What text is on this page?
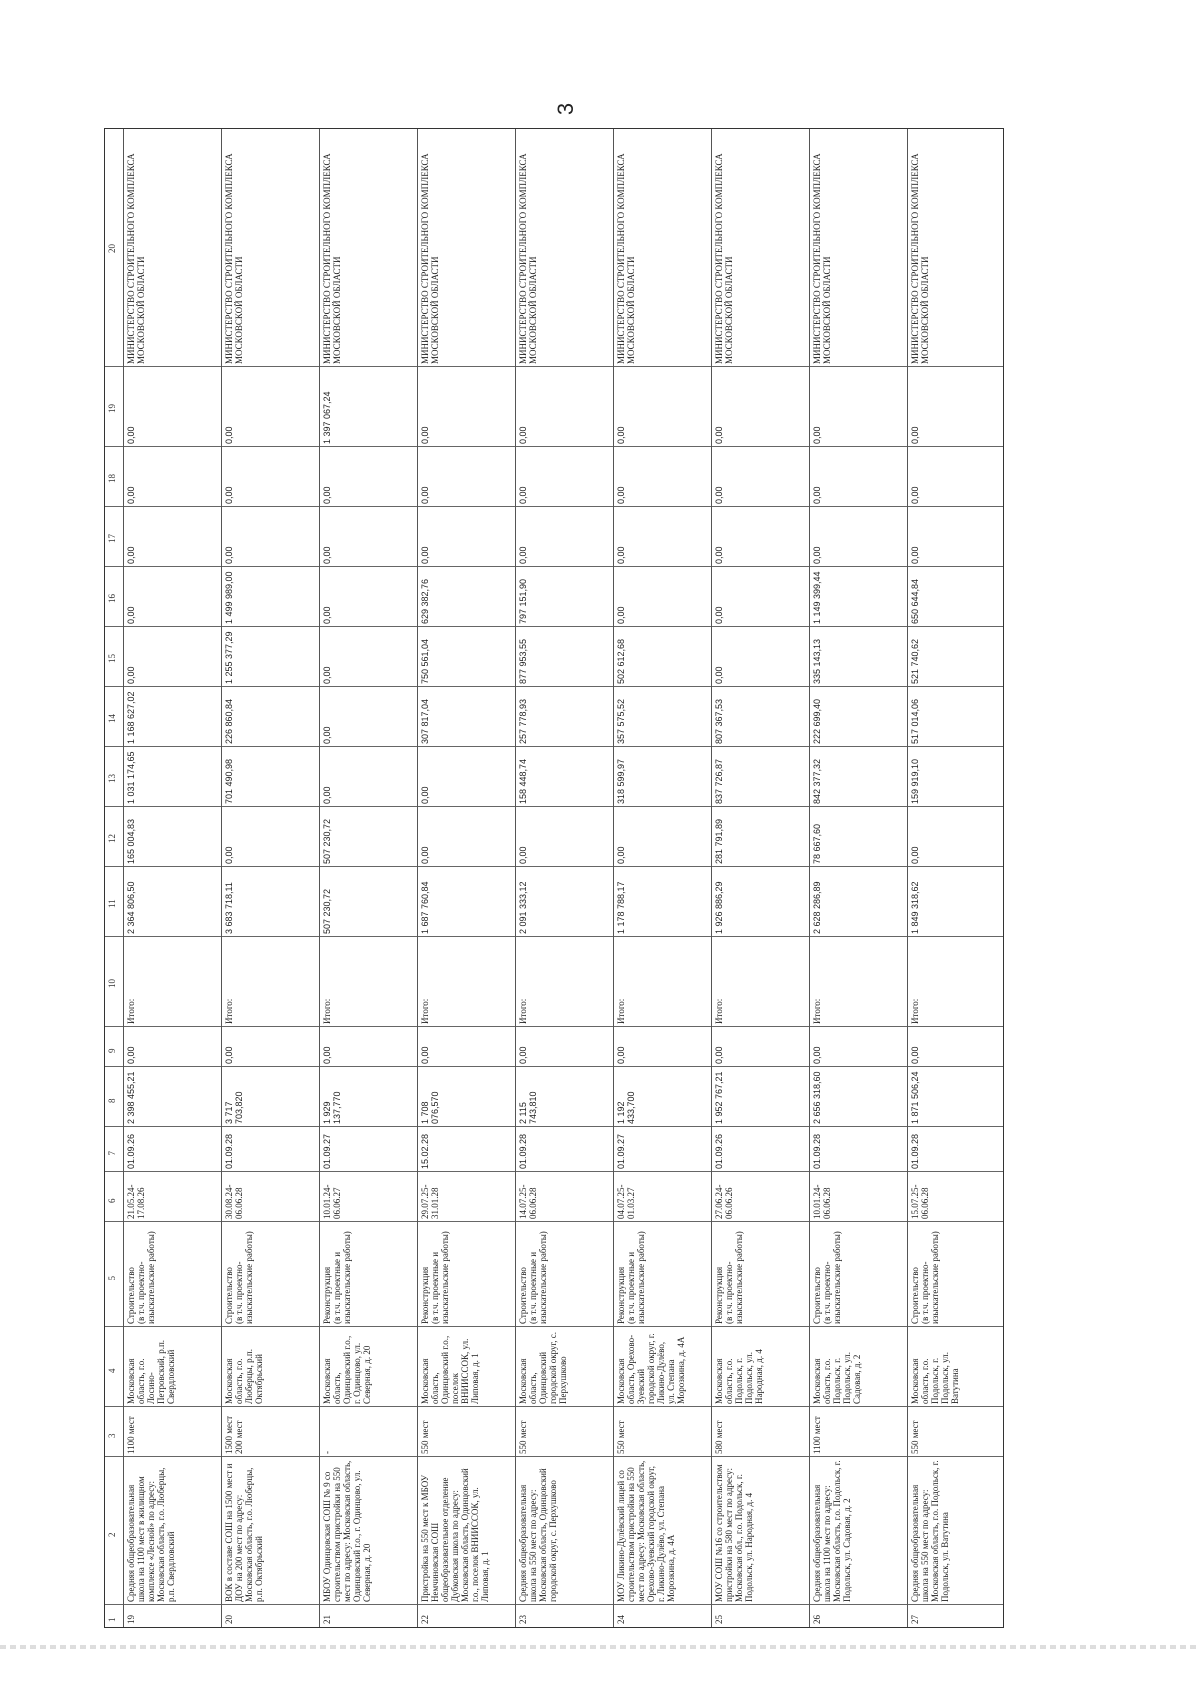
3
1
2
3
4
5
6
7
8
9
10
11
12
13
14
15
16
17
18
19
20
19
Средняя общеобразовательная школа на 1100 мест в жилищном комплексе «Лесной» по адресу: Московская область, г.о. Люберцы, р.п. Свердловский
1100 мест
Московская область, г.о. Лосино-Петровский, р.п. Свердловский
Строительство
(в т.ч. проектно-изыскательские работы)
21.05.24-
17.08.26
01.09.26
2 398 455,21
0,00
Итого:
2 364 806,50
165 004,83
1 031 174,65
1 168 627,02
0,00
0,00
0,00
0,00
0,00
МИНИСТЕРСТВО СТРОИТЕЛЬНОГО КОМПЛЕКСА МОСКОВСКОЙ ОБЛАСТИ
20
ВОК в составе СОШ на 1500 мест и ДОУ на 200 мест по адресу: Московская область, г.о. Люберцы, р.п. Октябрьский
1500 мест
200 мест
Московская область, г.о. Люберцы, р.п. Октябрьский
Строительство
(в т.ч. проектно-изыскательские работы)
30.08.24-
06.06.28
01.09.28
3 717 703,820
0,00
Итого:
3 683 718,11
0,00
701 490,98
226 860,84
1 255 377,29
1 499 989,00
0,00
0,00
0,00
МИНИСТЕРСТВО СТРОИТЕЛЬНОГО КОМПЛЕКСА МОСКОВСКОЙ ОБЛАСТИ
21
МБОУ Одинцовская СОШ № 9 со строительством пристройки на 550 мест по адресу: Московская область, Одинцовский г.о., г. Одинцово, ул. Северная, д. 20
-
Московская область, Одинцовский г.о., г. Одинцово, ул. Северная, д. 20
Реконструкция
(в т.ч. проектные и изыскательские работы)
10.01.24-
06.06.27
01.09.27
1 929 137,770
0,00
Итого:
507 230,72
507 230,72
0,00
0,00
0,00
0,00
0,00
0,00
1 397 067,24
МИНИСТЕРСТВО СТРОИТЕЛЬНОГО КОМПЛЕКСА МОСКОВСКОЙ ОБЛАСТИ
22
Пристройка на 550 мест к МБОУ Немчиновская СОШ общеобразовательное отделение Дубковская школа по адресу: Московская область, Одинцовский г.о., поселок ВНИИССОК, ул. Липовая, д. 1
550 мест
Московская область, Одинцовский г.о., поселок ВНИИССОК, ул. Липовая, д. 1
Реконструкция
(в т.ч. проектные и изыскательские работы)
29.07.25-
31.01.28
15.02.28
1 708 076,570
0,00
Итого:
1 687 760,84
0,00
0,00
307 817,04
750 561,04
629 382,76
0,00
0,00
0,00
МИНИСТЕРСТВО СТРОИТЕЛЬНОГО КОМПЛЕКСА МОСКОВСКОЙ ОБЛАСТИ
23
Средняя общеобразовательная школа на 550 мест по адресу: Московская область, Одинцовский городской округ, с. Перхушково
550 мест
Московская область, Одинцовский городской округ, с. Перхушково
Строительство
(в т.ч. проектные и изыскательские работы)
14.07.25-
06.06.28
01.09.28
2 115 743,810
0,00
Итого:
2 091 333,12
0,00
158 448,74
257 778,93
877 953,55
797 151,90
0,00
0,00
0,00
МИНИСТЕРСТВО СТРОИТЕЛЬНОГО КОМПЛЕКСА МОСКОВСКОЙ ОБЛАСТИ
24
МОУ Ликино-Дулёвский лицей со строительством пристройки на 550 мест по адресу: Московская область, Орехово-Зуевский городской округ, г. Ликино-Дулёво, ул. Степана Морозкина, д. 4А
550 мест
Московская область, Орехово-Зуевский городской округ, г. Ликино-Дулёво, ул. Степана Морозкина, д. 4А
Реконструкция
(в т.ч. проектные и изыскательские работы)
04.07.25-
01.03.27
01.09.27
1 192 433,700
0,00
Итого:
1 178 788,17
0,00
318 599,97
357 575,52
502 612,68
0,00
0,00
0,00
0,00
МИНИСТЕРСТВО СТРОИТЕЛЬНОГО КОМПЛЕКСА МОСКОВСКОЙ ОБЛАСТИ
25
МОУ СОШ №16 со строительством пристройки на 580 мест по адресу: Московская обл., г.о. Подольск, г. Подольск, ул. Народная, д. 4
580 мест
Московская область, г.о. Подольск, г. Подольск, ул. Народная, д. 4
Реконструкция
(в т.ч. проектно-изыскательские работы)
27.06.24-
06.06.26
01.09.26
1 952 767,21
0,00
Итого:
1 926 886,29
281 791,89
837 726,87
807 367,53
0,00
0,00
0,00
0,00
0,00
МИНИСТЕРСТВО СТРОИТЕЛЬНОГО КОМПЛЕКСА МОСКОВСКОЙ ОБЛАСТИ
26
Средняя общеобразовательная школа на 1100 мест по адресу: Московская область, г.о. Подольск, г. Подольск, ул. Садовая, д. 2
1100 мест
Московская область, г.о. Подольск, г. Подольск, ул. Садовая, д. 2
Строительство
(в т.ч. проектно-изыскательские работы)
10.01.24-
06.06.28
01.09.28
2 656 318,60
0,00
Итого:
2 628 286,89
78 667,60
842 377,32
222 699,40
335 143,13
1 149 399,44
0,00
0,00
0,00
МИНИСТЕРСТВО СТРОИТЕЛЬНОГО КОМПЛЕКСА МОСКОВСКОЙ ОБЛАСТИ
27
Средняя общеобразовательная школа на 550 мест по адресу: Московская область, г.о. Подольск, г. Подольск, ул. Ватутина
550 мест
Московская область, г.о. Подольск, г. Подольск, ул. Ватутина
Строительство
(в т.ч. проектно-изыскательские работы)
15.07.25-
06.06.28
01.09.28
1 871 506,24
0,00
Итого:
1 849 318,62
0,00
159 919,10
517 014,06
521 740,62
650 644,84
0,00
0,00
0,00
МИНИСТЕРСТВО СТРОИТЕЛЬНОГО КОМПЛЕКСА МОСКОВСКОЙ ОБЛАСТИ
